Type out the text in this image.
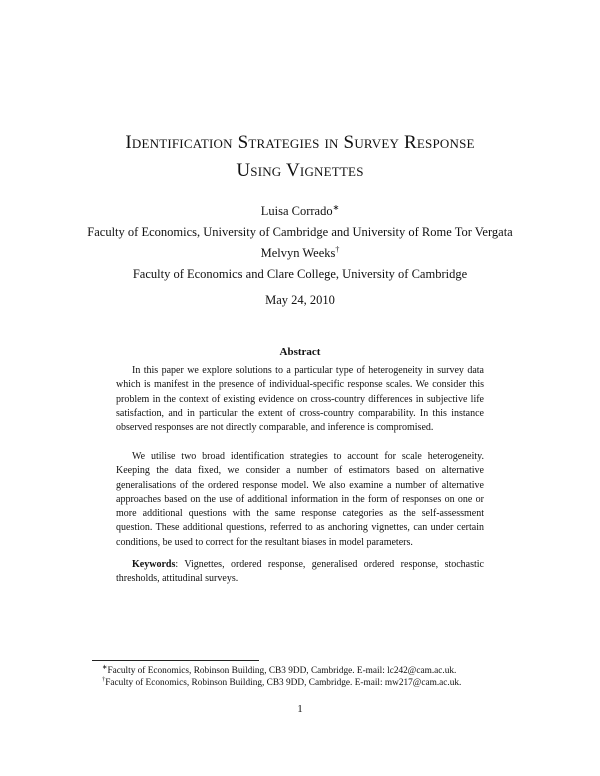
Identification Strategies in Survey Response
Using Vignettes
Luisa Corrado∗
Faculty of Economics, University of Cambridge and University of Rome Tor Vergata
Melvyn Weeks†
Faculty of Economics and Clare College, University of Cambridge
May 24, 2010
Abstract

In this paper we explore solutions to a particular type of heterogeneity in survey data which is manifest in the presence of individual-specific response scales. We consider this problem in the context of existing evidence on cross-country differences in subjective life satisfaction, and in particular the extent of cross-country comparability. In this instance observed responses are not directly comparable, and inference is compromised.

We utilise two broad identification strategies to account for scale heterogeneity. Keeping the data fixed, we consider a number of estimators based on alternative generalisations of the ordered response model. We also examine a number of alternative approaches based on the use of additional information in the form of responses on one or more additional questions with the same response categories as the self-assessment question. These additional questions, referred to as anchoring vignettes, can under certain conditions, be used to correct for the resultant biases in model parameters.

Keywords: Vignettes, ordered response, generalised ordered response, stochastic thresholds, attitudinal surveys.

∗Faculty of Economics, Robinson Building, CB3 9DD, Cambridge. E-mail: lc242@cam.ac.uk.
†Faculty of Economics, Robinson Building, CB3 9DD, Cambridge. E-mail: mw217@cam.ac.uk.
1
